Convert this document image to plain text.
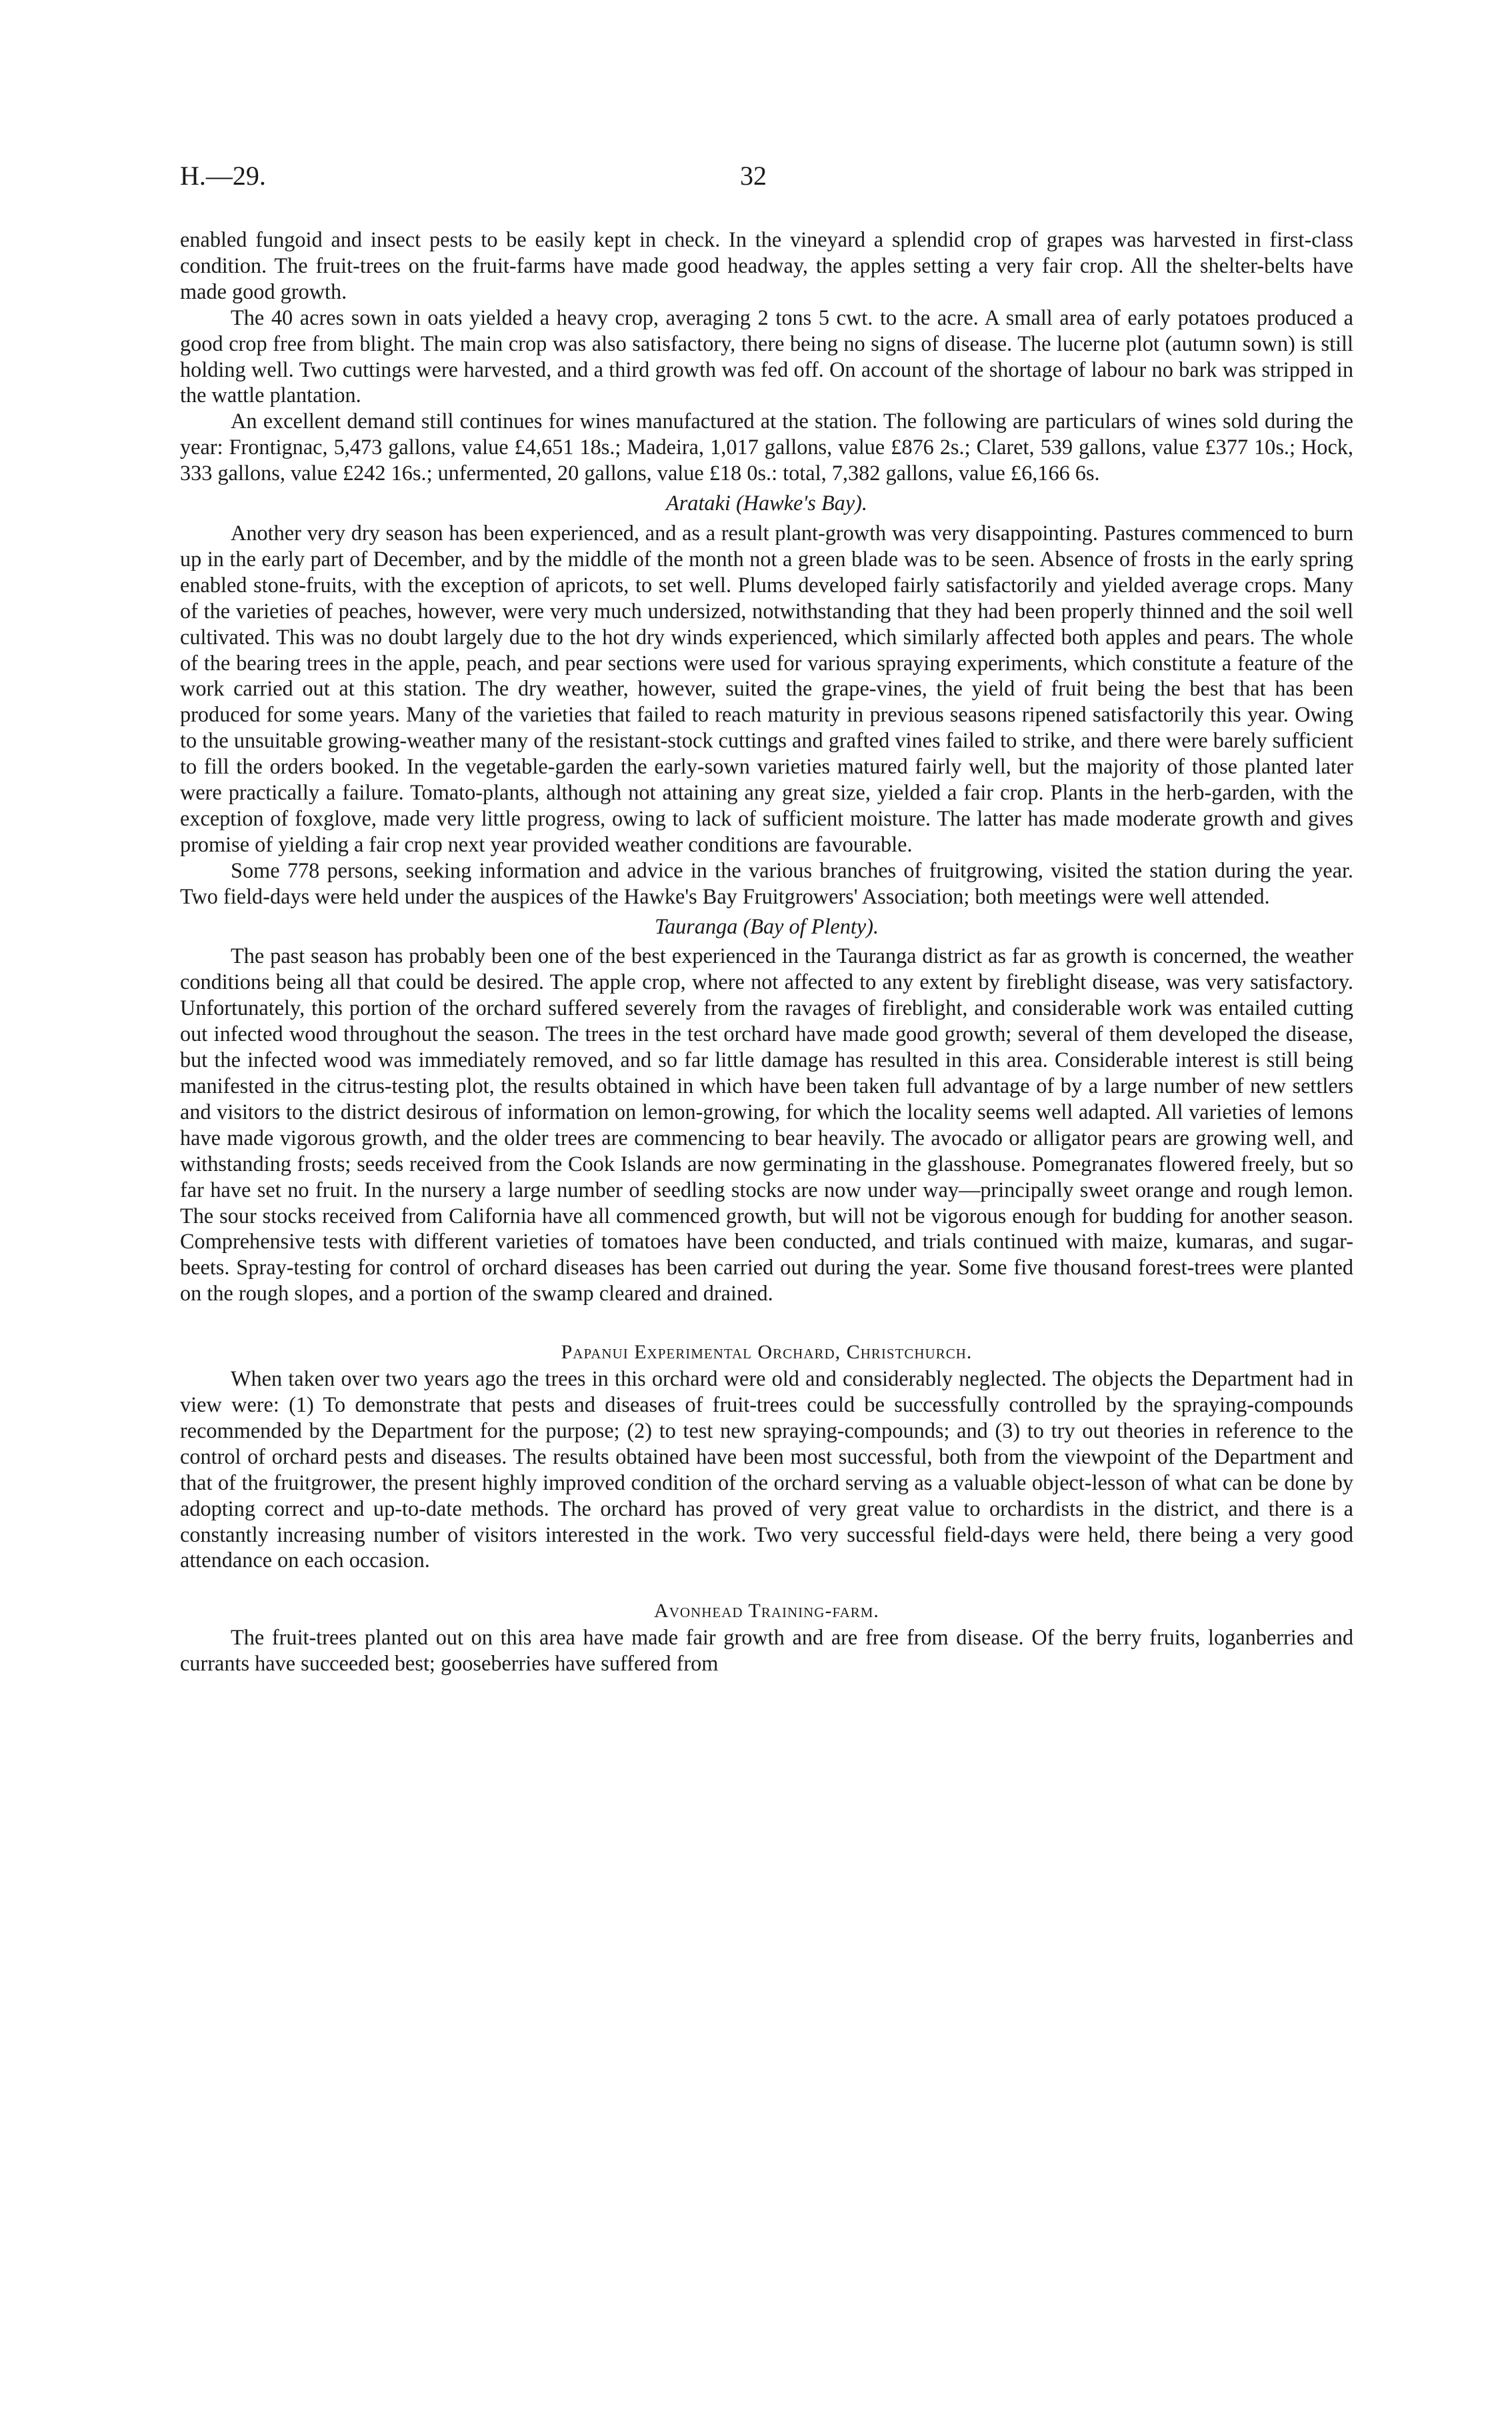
H.—29.	32

enabled fungoid and insect pests to be easily kept in check. In the vineyard a splendid crop of grapes was harvested in first-class condition. The fruit-trees on the fruit-farms have made good headway, the apples setting a very fair crop. All the shelter-belts have made good growth.

The 40 acres sown in oats yielded a heavy crop, averaging 2 tons 5 cwt. to the acre. A small area of early potatoes produced a good crop free from blight. The main crop was also satisfactory, there being no signs of disease. The lucerne plot (autumn sown) is still holding well. Two cuttings were harvested, and a third growth was fed off. On account of the shortage of labour no bark was stripped in the wattle plantation.

An excellent demand still continues for wines manufactured at the station. The following are particulars of wines sold during the year: Frontignac, 5,473 gallons, value £4,651 18s.; Madeira, 1,017 gallons, value £876 2s.; Claret, 539 gallons, value £377 10s.; Hock, 333 gallons, value £242 16s.; unfermented, 20 gallons, value £18 0s.: total, 7,382 gallons, value £6,166 6s.

Arataki (Hawke's Bay).

Another very dry season has been experienced, and as a result plant-growth was very disappointing. Pastures commenced to burn up in the early part of December, and by the middle of the month not a green blade was to be seen. Absence of frosts in the early spring enabled stone-fruits, with the exception of apricots, to set well. Plums developed fairly satisfactorily and yielded average crops. Many of the varieties of peaches, however, were very much undersized, notwithstanding that they had been properly thinned and the soil well cultivated. This was no doubt largely due to the hot dry winds experienced, which similarly affected both apples and pears. The whole of the bearing trees in the apple, peach, and pear sections were used for various spraying experiments, which constitute a feature of the work carried out at this station. The dry weather, however, suited the grape-vines, the yield of fruit being the best that has been produced for some years. Many of the varieties that failed to reach maturity in previous seasons ripened satisfactorily this year. Owing to the unsuitable growing-weather many of the resistant-stock cuttings and grafted vines failed to strike, and there were barely sufficient to fill the orders booked. In the vegetable-garden the early-sown varieties matured fairly well, but the majority of those planted later were practically a failure. Tomato-plants, although not attaining any great size, yielded a fair crop. Plants in the herb-garden, with the exception of foxglove, made very little progress, owing to lack of sufficient moisture. The latter has made moderate growth and gives promise of yielding a fair crop next year provided weather conditions are favourable.

Some 778 persons, seeking information and advice in the various branches of fruitgrowing, visited the station during the year. Two field-days were held under the auspices of the Hawke's Bay Fruitgrowers' Association; both meetings were well attended.

Tauranga (Bay of Plenty).

The past season has probably been one of the best experienced in the Tauranga district as far as growth is concerned, the weather conditions being all that could be desired. The apple crop, where not affected to any extent by fireblight disease, was very satisfactory. Unfortunately, this portion of the orchard suffered severely from the ravages of fireblight, and considerable work was entailed cutting out infected wood throughout the season. The trees in the test orchard have made good growth; several of them developed the disease, but the infected wood was immediately removed, and so far little damage has resulted in this area. Considerable interest is still being manifested in the citrus-testing plot, the results obtained in which have been taken full advantage of by a large number of new settlers and visitors to the district desirous of information on lemon-growing, for which the locality seems well adapted. All varieties of lemons have made vigorous growth, and the older trees are commencing to bear heavily. The avocado or alligator pears are growing well, and withstanding frosts; seeds received from the Cook Islands are now germinating in the glasshouse. Pomegranates flowered freely, but so far have set no fruit. In the nursery a large number of seedling stocks are now under way—principally sweet orange and rough lemon. The sour stocks received from California have all commenced growth, but will not be vigorous enough for budding for another season. Comprehensive tests with different varieties of tomatoes have been conducted, and trials continued with maize, kumaras, and sugar-beets. Spray-testing for control of orchard diseases has been carried out during the year. Some five thousand forest-trees were planted on the rough slopes, and a portion of the swamp cleared and drained.

Papanui Experimental Orchard, Christchurch.

When taken over two years ago the trees in this orchard were old and considerably neglected. The objects the Department had in view were: (1) To demonstrate that pests and diseases of fruit-trees could be successfully controlled by the spraying-compounds recommended by the Department for the purpose; (2) to test new spraying-compounds; and (3) to try out theories in reference to the control of orchard pests and diseases. The results obtained have been most successful, both from the viewpoint of the Department and that of the fruitgrower, the present highly improved condition of the orchard serving as a valuable object-lesson of what can be done by adopting correct and up-to-date methods. The orchard has proved of very great value to orchardists in the district, and there is a constantly increasing number of visitors interested in the work. Two very successful field-days were held, there being a very good attendance on each occasion.

Avonhead Training-farm.

The fruit-trees planted out on this area have made fair growth and are free from disease. Of the berry fruits, loganberries and currants have succeeded best; gooseberries have suffered from
